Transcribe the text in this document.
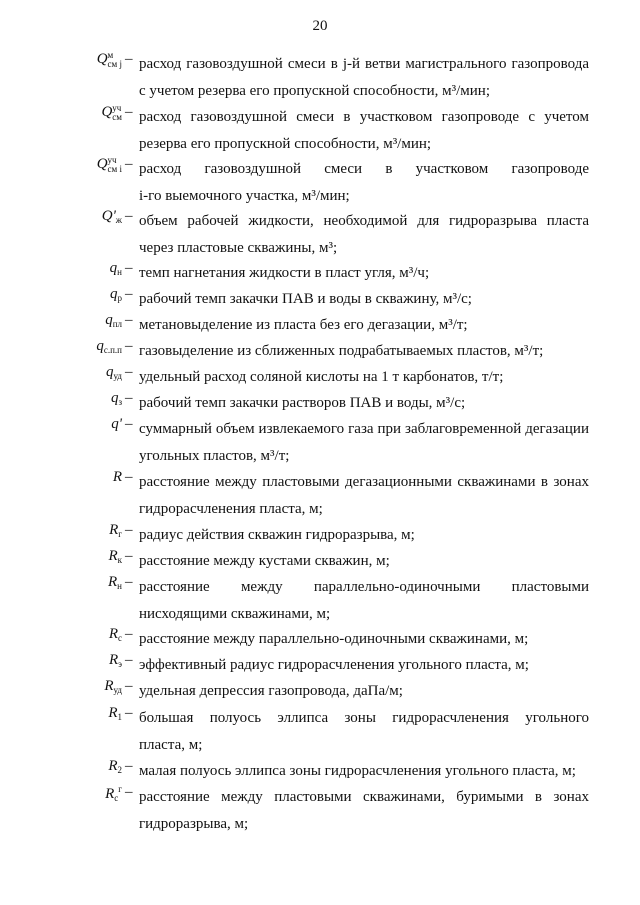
20
Qм
см j – расход газовоздушной смеси в j-й ветви магистрального газопровода
с учетом резерва его пропускной способности, м³/мин;
Qуч
см – расход газовоздушной смеси в участковом газопроводе с учетом
резерва его пропускной способности, м³/мин;
Qуч
см i – расход газовоздушной смеси в участковом газопроводе
i-го выемочного участка, м³/мин;
$Q'_ж$ – объем рабочей жидкости, необходимой для гидроразрыва пласта
через пластовые скважины, м³;
$q_н$ – темп нагнетания жидкости в пласт угля, м³/ч;
$q_р$ – рабочий темп закачки ПАВ и воды в скважину, м³/с;
$q_{пл}$ – метановыделение из пласта без его дегазации, м³/т;
$q_{с.п.п}$ – газовыделение из сближенных подрабатываемых пластов, м³/т;
$q_{уд}$ – удельный расход соляной кислоты на 1 т карбонатов, т/т;
$q_з$ – рабочий темп закачки растворов ПАВ и воды, м³/с;
q' – суммарный объем извлекаемого газа при заблаговременной дегазации
угольных пластов, м³/т;
R – расстояние между пластовыми дегазационными скважинами в зонах
гидрорасчленения пласта, м;
$R_г$ – радиус действия скважин гидроразрыва, м;
$R_к$ – расстояние между кустами скважин, м;
$R_н$ – расстояние между параллельно-одиночными пластовыми
нисходящими скважинами, м;
$R_с$ – расстояние между параллельно-одиночными скважинами, м;
$R_э$ – эффективный радиус гидрорасчленения угольного пласта, м;
$R_{уд}$ – удельная депрессия газопровода, даПа/м;
$R_1$ – большая полуось эллипса зоны гидрорасчленения угольного
пласта, м;
$R_2$ – малая полуось эллипса зоны гидрорасчленения угольного пласта, м;
$R_с^г$ – расстояние между пластовыми скважинами, буримыми в зонах
гидроразрыва, м;
